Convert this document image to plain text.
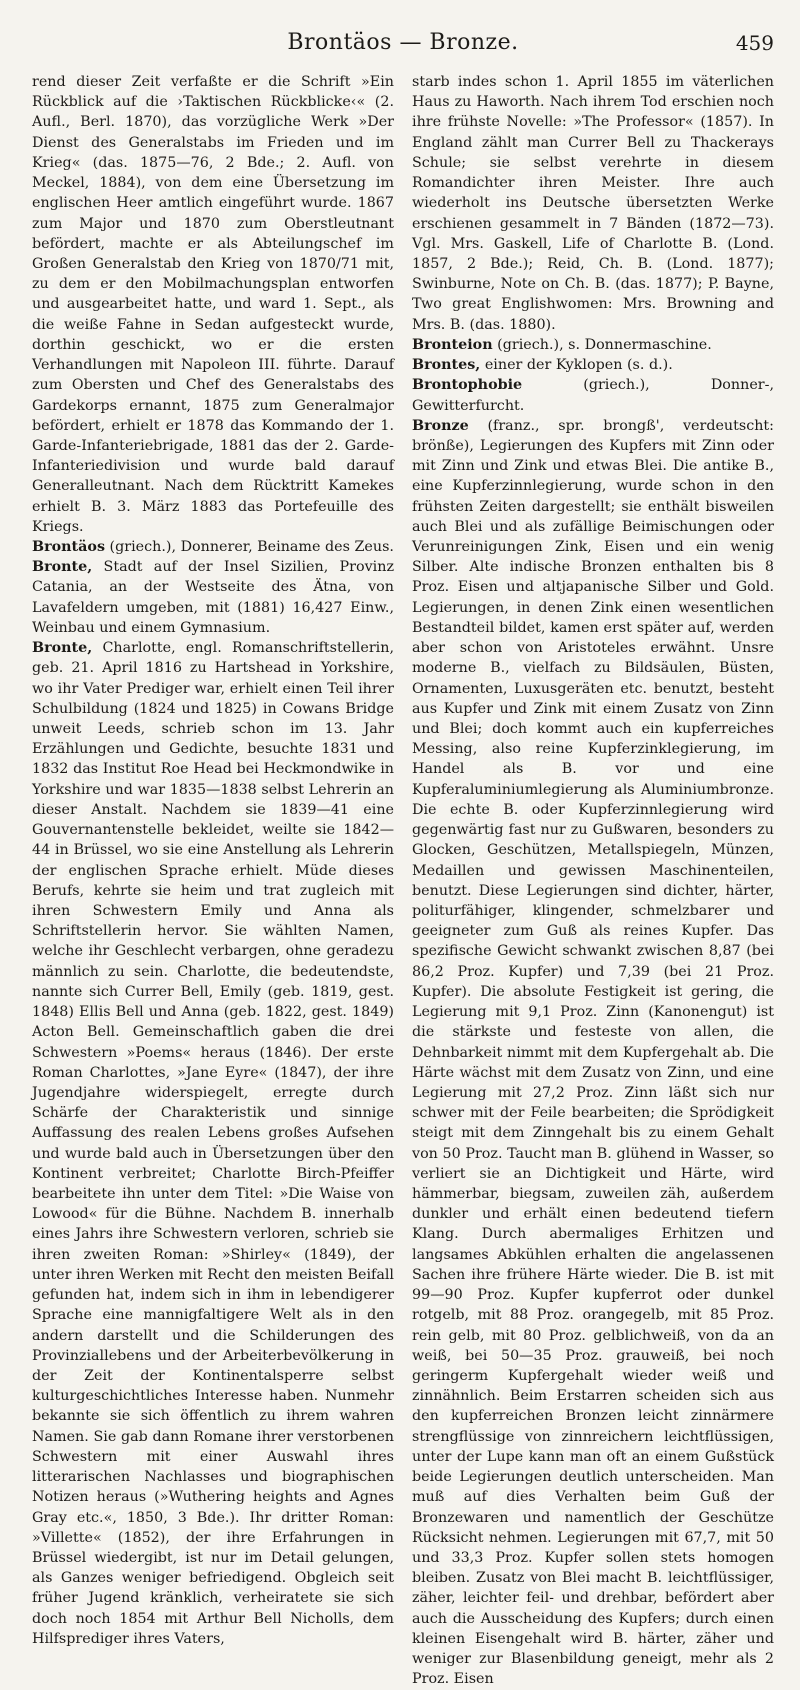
Brontäos — Bronze.	459

rend dieser Zeit verfaßte er die Schrift »Ein Rückblick auf die ›Taktischen Rückblicke‹« (2. Aufl., Berl. 1870), das vorzügliche Werk »Der Dienst des Generalstabs im Frieden und im Krieg« (das. 1875—76, 2 Bde.; 2. Aufl. von Meckel, 1884), von dem eine Übersetzung im englischen Heer amtlich eingeführt wurde. 1867 zum Major und 1870 zum Oberstleutnant befördert, machte er als Abteilungschef im Großen Generalstab den Krieg von 1870/71 mit, zu dem er den Mobilmachungsplan entworfen und ausgearbeitet hatte, und ward 1. Sept., als die weiße Fahne in Sedan aufgesteckt wurde, dorthin geschickt, wo er die ersten Verhandlungen mit Napoleon III. führte. Darauf zum Obersten und Chef des Generalstabs des Gardekorps ernannt, 1875 zum Generalmajor befördert, erhielt er 1878 das Kommando der 1. Garde-Infanteriebrigade, 1881 das der 2. Garde-Infanteriedivision und wurde bald darauf Generalleutnant. Nach dem Rücktritt Kamekes erhielt B. 3. März 1883 das Portefeuille des Kriegs.

Brontäos (griech.), Donnerer, Beiname des Zeus.

Bronte, Stadt auf der Insel Sizilien, Provinz Catania, an der Westseite des Ätna, von Lavafeldern umgeben, mit (1881) 16,427 Einw., Weinbau und einem Gymnasium.

Bronte, Charlotte, engl. Romanschriftstellerin, geb. 21. April 1816 zu Hartshead in Yorkshire, wo ihr Vater Prediger war, erhielt einen Teil ihrer Schulbildung (1824 und 1825) in Cowans Bridge unweit Leeds, schrieb schon im 13. Jahr Erzählungen und Gedichte, besuchte 1831 und 1832 das Institut Roe Head bei Heckmondwike in Yorkshire und war 1835—1838 selbst Lehrerin an dieser Anstalt. Nachdem sie 1839—41 eine Gouvernantenstelle bekleidet, weilte sie 1842—44 in Brüssel, wo sie eine Anstellung als Lehrerin der englischen Sprache erhielt. Müde dieses Berufs, kehrte sie heim und trat zugleich mit ihren Schwestern Emily und Anna als Schriftstellerin hervor. Sie wählten Namen, welche ihr Geschlecht verbargen, ohne geradezu männlich zu sein. Charlotte, die bedeutendste, nannte sich Currer Bell, Emily (geb. 1819, gest. 1848) Ellis Bell und Anna (geb. 1822, gest. 1849) Acton Bell. Gemeinschaftlich gaben die drei Schwestern »Poems« heraus (1846). Der erste Roman Charlottes, »Jane Eyre« (1847), der ihre Jugendjahre widerspiegelt, erregte durch Schärfe der Charakteristik und sinnige Auffassung des realen Lebens großes Aufsehen und wurde bald auch in Übersetzungen über den Kontinent verbreitet; Charlotte Birch-Pfeiffer bearbeitete ihn unter dem Titel: »Die Waise von Lowood« für die Bühne. Nachdem B. innerhalb eines Jahrs ihre Schwestern verloren, schrieb sie ihren zweiten Roman: »Shirley« (1849), der unter ihren Werken mit Recht den meisten Beifall gefunden hat, indem sich in ihm in lebendigerer Sprache eine mannigfaltigere Welt als in den andern darstellt und die Schilderungen des Provinziallebens und der Arbeiterbevölkerung in der Zeit der Kontinentalsperre selbst kulturgeschichtliches Interesse haben. Nunmehr bekannte sie sich öffentlich zu ihrem wahren Namen. Sie gab dann Romane ihrer verstorbenen Schwestern mit einer Auswahl ihres litterarischen Nachlasses und biographischen Notizen heraus (»Wuthering heights and Agnes Gray etc.«, 1850, 3 Bde.). Ihr dritter Roman: »Villette« (1852), der ihre Erfahrungen in Brüssel wiedergibt, ist nur im Detail gelungen, als Ganzes weniger befriedigend. Obgleich seit früher Jugend kränklich, verheiratete sie sich doch noch 1854 mit Arthur Bell Nicholls, dem Hilfsprediger ihres Vaters,

starb indes schon 1. April 1855 im väterlichen Haus zu Haworth. Nach ihrem Tod erschien noch ihre frühste Novelle: »The Professor« (1857). In England zählt man Currer Bell zu Thackerays Schule; sie selbst verehrte in diesem Romandichter ihren Meister. Ihre auch wiederholt ins Deutsche übersetzten Werke erschienen gesammelt in 7 Bänden (1872—73). Vgl. Mrs. Gaskell, Life of Charlotte B. (Lond. 1857, 2 Bde.); Reid, Ch. B. (Lond. 1877); Swinburne, Note on Ch. B. (das. 1877); P. Bayne, Two great Englishwomen: Mrs. Browning and Mrs. B. (das. 1880).

Bronteion (griech.), s. Donnermaschine.

Brontes, einer der Kyklopen (s. d.).

Brontophobie (griech.), Donner-, Gewitterfurcht.

Bronze (franz., spr. brongß', verdeutscht: brönße), Legierungen des Kupfers mit Zinn oder mit Zinn und Zink und etwas Blei. Die antike B., eine Kupferzinnlegierung, wurde schon in den frühsten Zeiten dargestellt; sie enthält bisweilen auch Blei und als zufällige Beimischungen oder Verunreinigungen Zink, Eisen und ein wenig Silber. Alte indische Bronzen enthalten bis 8 Proz. Eisen und altjapanische Silber und Gold. Legierungen, in denen Zink einen wesentlichen Bestandteil bildet, kamen erst später auf, werden aber schon von Aristoteles erwähnt. Unsre moderne B., vielfach zu Bildsäulen, Büsten, Ornamenten, Luxusgeräten etc. benutzt, besteht aus Kupfer und Zink mit einem Zusatz von Zinn und Blei; doch kommt auch ein kupferreiches Messing, also reine Kupferzinklegierung, im Handel als B. vor und eine Kupferaluminiumlegierung als Aluminiumbronze. Die echte B. oder Kupferzinnlegierung wird gegenwärtig fast nur zu Gußwaren, besonders zu Glocken, Geschützen, Metallspiegeln, Münzen, Medaillen und gewissen Maschinenteilen, benutzt. Diese Legierungen sind dichter, härter, politurfähiger, klingender, schmelzbarer und geeigneter zum Guß als reines Kupfer. Das spezifische Gewicht schwankt zwischen 8,87 (bei 86,2 Proz. Kupfer) und 7,39 (bei 21 Proz. Kupfer). Die absolute Festigkeit ist gering, die Legierung mit 9,1 Proz. Zinn (Kanonengut) ist die stärkste und festeste von allen, die Dehnbarkeit nimmt mit dem Kupfergehalt ab. Die Härte wächst mit dem Zusatz von Zinn, und eine Legierung mit 27,2 Proz. Zinn läßt sich nur schwer mit der Feile bearbeiten; die Sprödigkeit steigt mit dem Zinngehalt bis zu einem Gehalt von 50 Proz. Taucht man B. glühend in Wasser, so verliert sie an Dichtigkeit und Härte, wird hämmerbar, biegsam, zuweilen zäh, außerdem dunkler und erhält einen bedeutend tiefern Klang. Durch abermaliges Erhitzen und langsames Abkühlen erhalten die angelassenen Sachen ihre frühere Härte wieder. Die B. ist mit 99—90 Proz. Kupfer kupferrot oder dunkel rotgelb, mit 88 Proz. orangegelb, mit 85 Proz. rein gelb, mit 80 Proz. gelblichweiß, von da an weiß, bei 50—35 Proz. grauweiß, bei noch geringerm Kupfergehalt wieder weiß und zinnähnlich. Beim Erstarren scheiden sich aus den kupferreichen Bronzen leicht zinnärmere strengflüssige von zinnreichern leichtflüssigen, unter der Lupe kann man oft an einem Gußstück beide Legierungen deutlich unterscheiden. Man muß auf dies Verhalten beim Guß der Bronzewaren und namentlich der Geschütze Rücksicht nehmen. Legierungen mit 67,7, mit 50 und 33,3 Proz. Kupfer sollen stets homogen bleiben. Zusatz von Blei macht B. leichtflüssiger, zäher, leichter feil- und drehbar, befördert aber auch die Ausscheidung des Kupfers; durch einen kleinen Eisengehalt wird B. härter, zäher und weniger zur Blasenbildung geneigt, mehr als 2 Proz. Eisen
